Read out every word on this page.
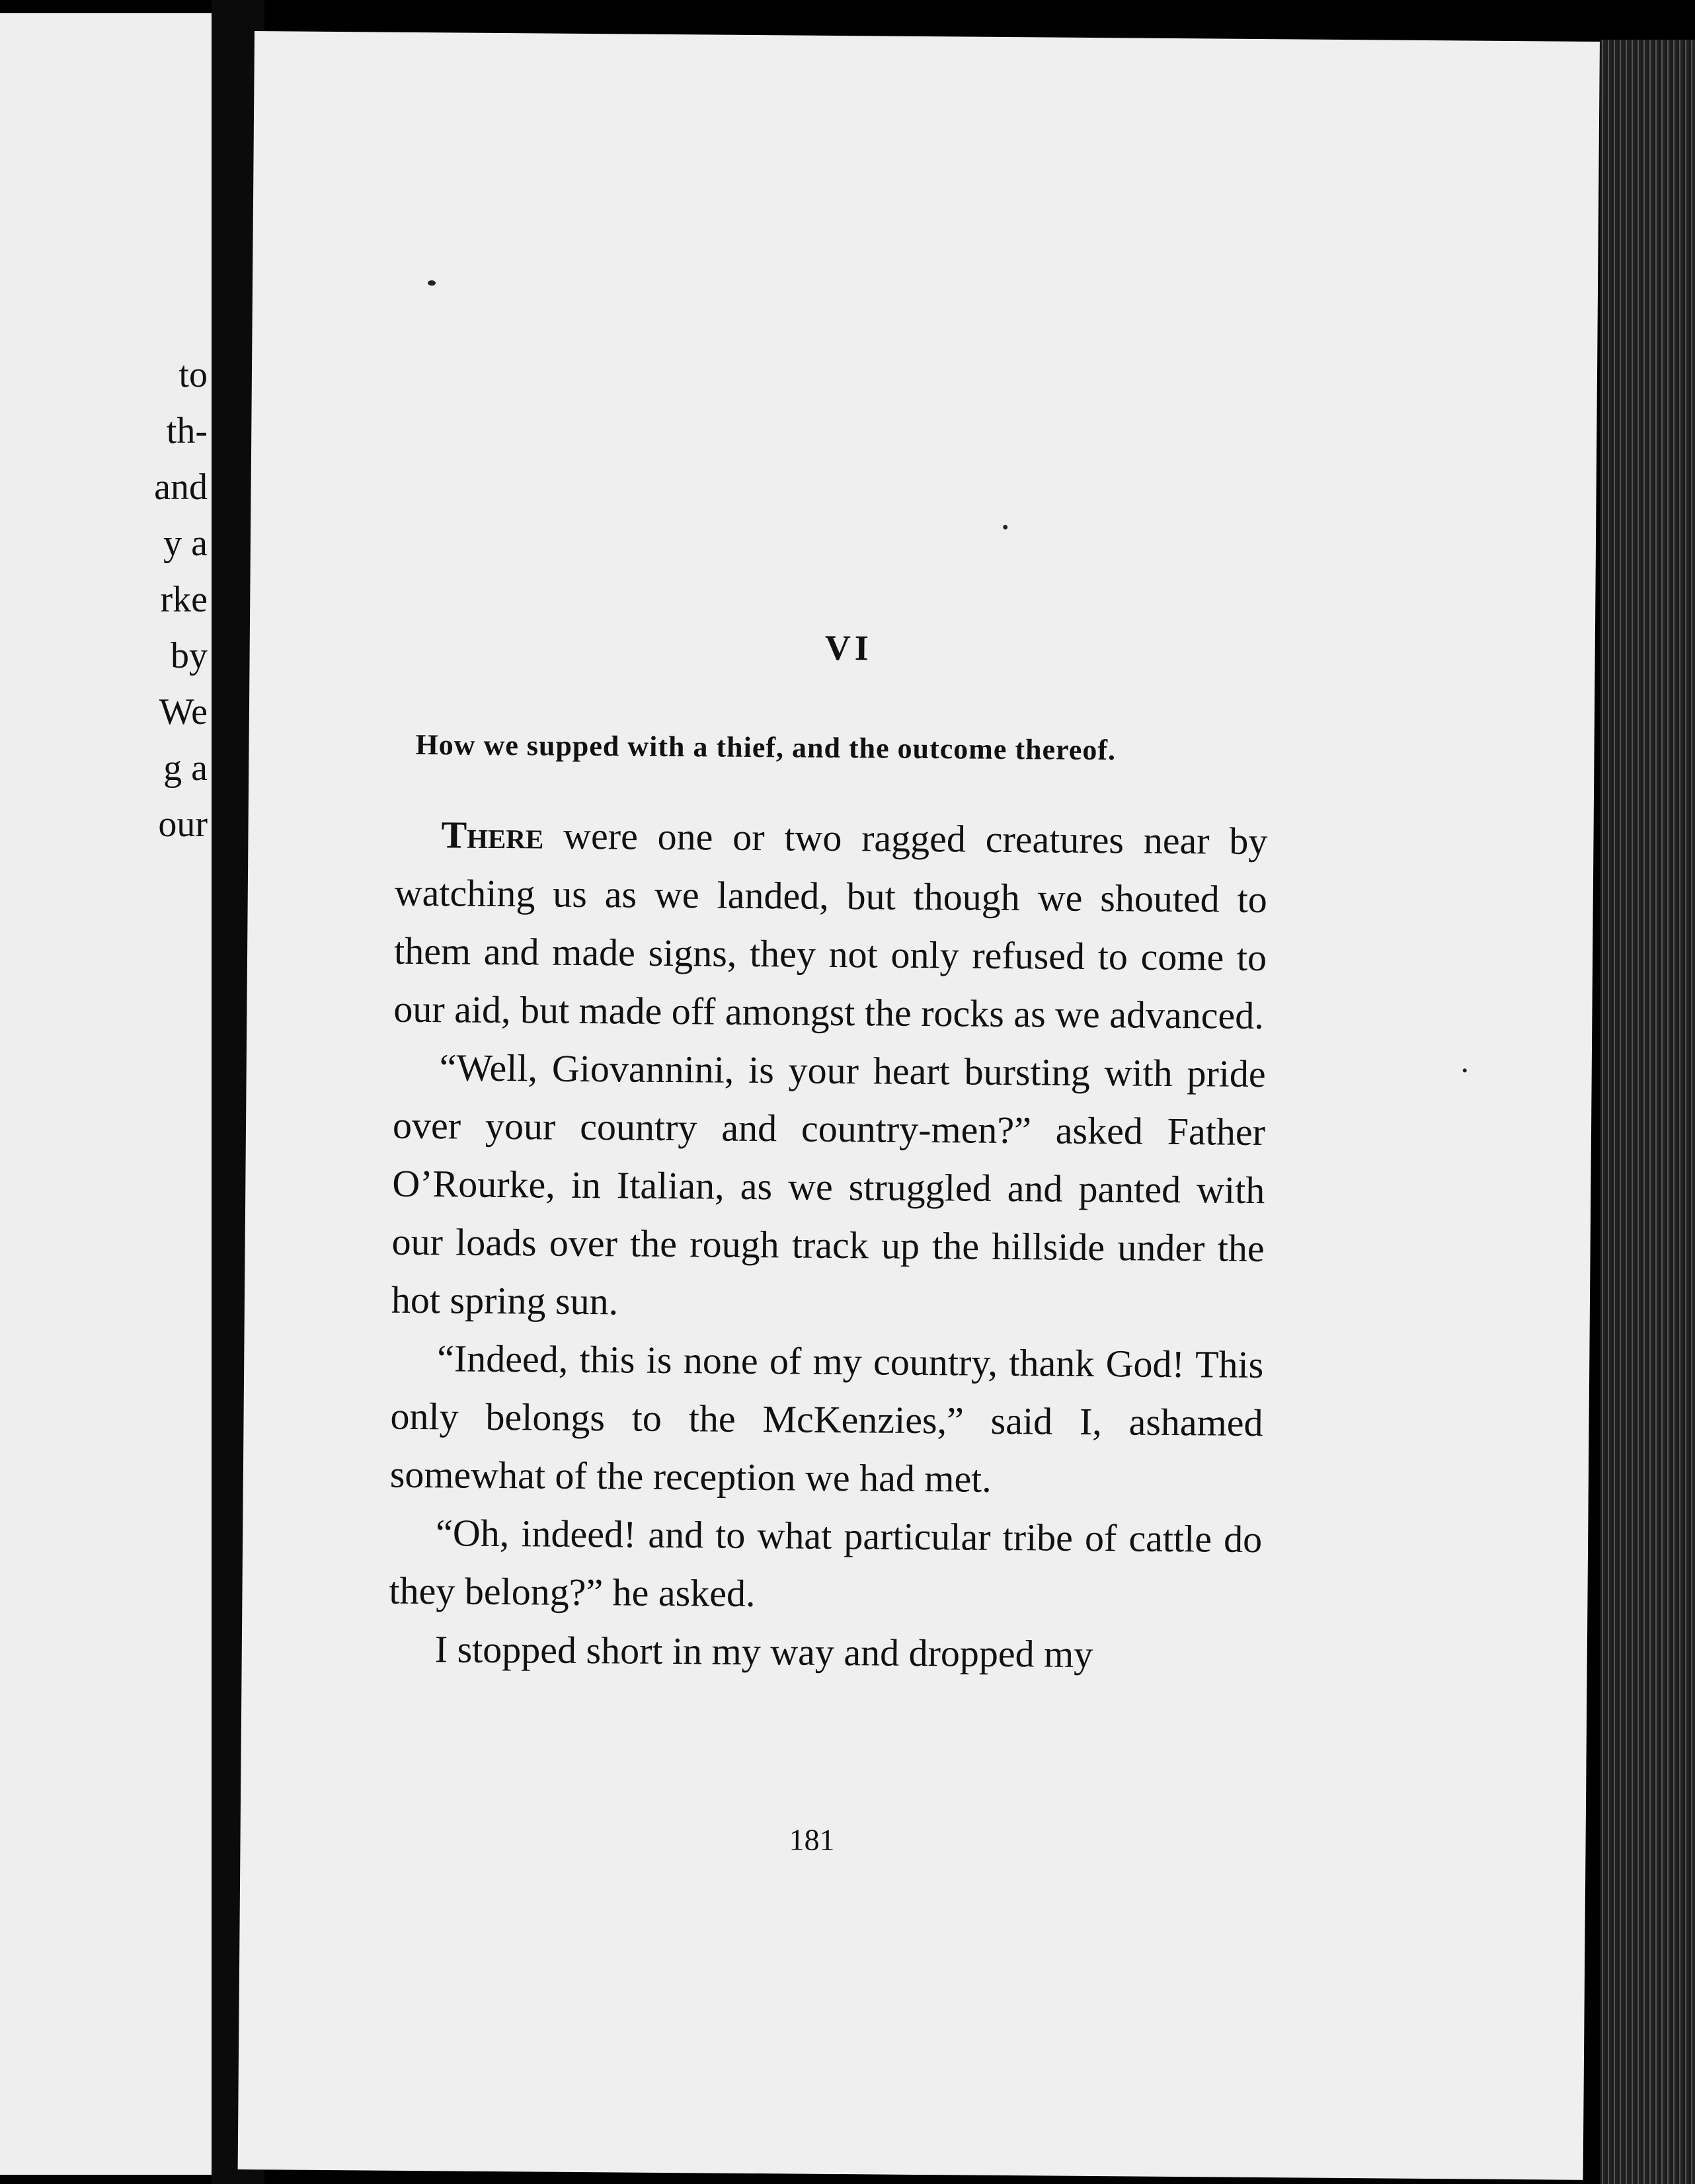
to
th-
and
y a
rke
by
We
g a
our
VI
How we supped with a thief, and the outcome thereof.

There were one or two ragged creatures near by watching us as we landed, but though we shouted to them and made signs, they not only refused to come to our aid, but made off amongst the rocks as we advanced.

“Well, Giovannini, is your heart bursting with pride over your country and country-men?” asked Father O’Rourke, in Italian, as we struggled and panted with our loads over the rough track up the hillside under the hot spring sun.

“Indeed, this is none of my country, thank God! This only belongs to the McKenzies,” said I, ashamed somewhat of the reception we had met.

“Oh, indeed! and to what particular tribe of cattle do they belong?” he asked.

I stopped short in my way and dropped my

181
